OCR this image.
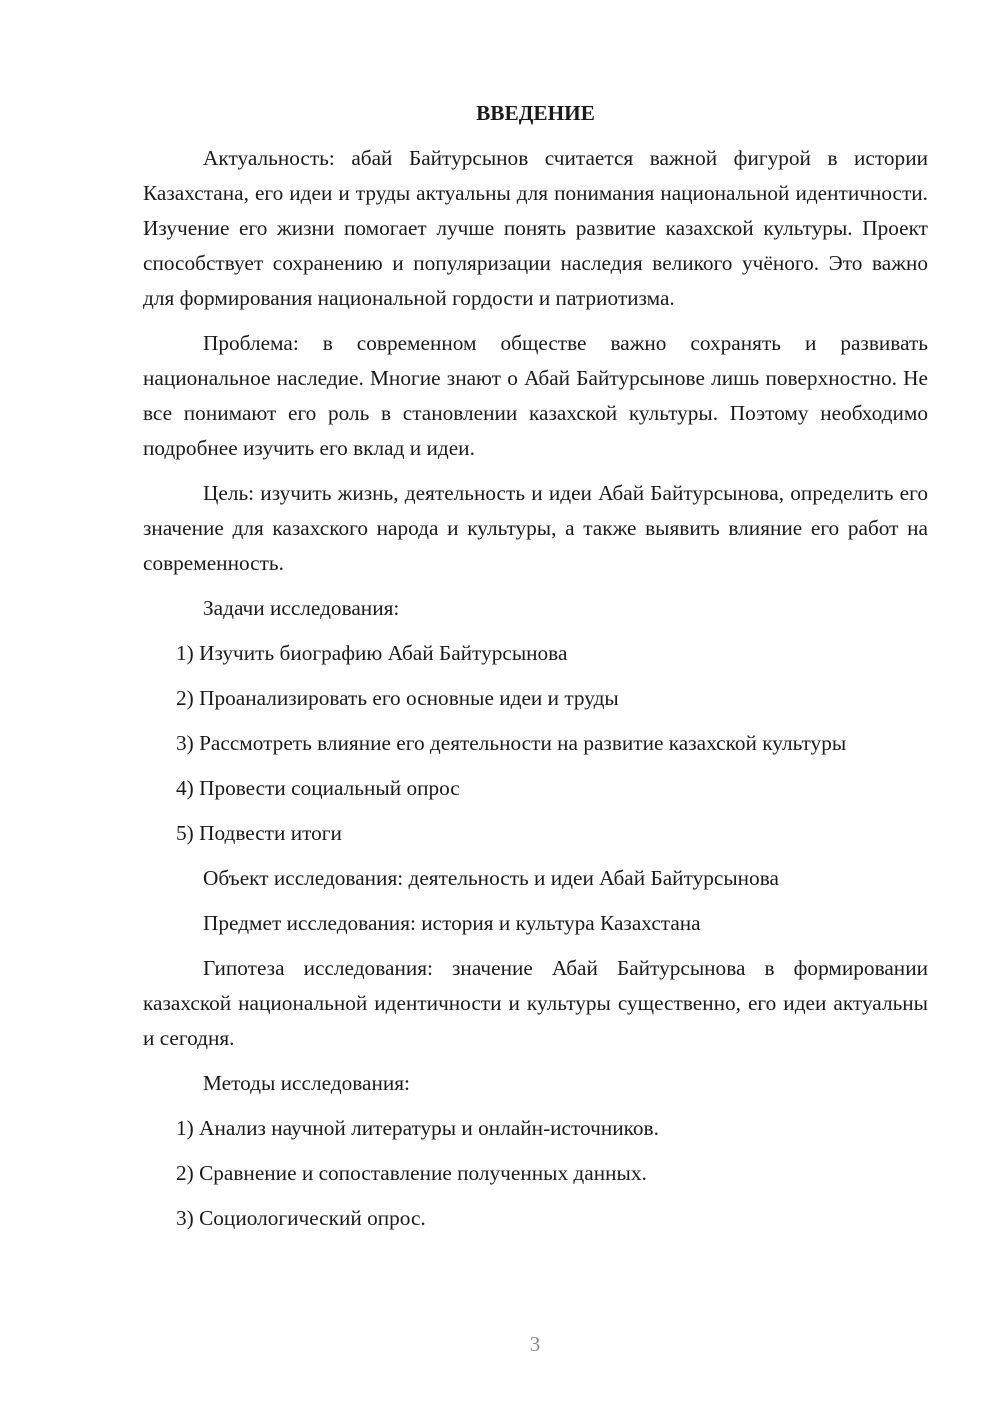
ВВЕДЕНИЕ

Актуальность: абай Байтурсынов считается важной фигурой в истории Казахстана, его идеи и труды актуальны для понимания национальной идентичности. Изучение его жизни помогает лучше понять развитие казахской культуры. Проект способствует сохранению и популяризации наследия великого учёного. Это важно для формирования национальной гордости и патриотизма.

Проблема: в современном обществе важно сохранять и развивать национальное наследие. Многие знают о Абай Байтурсынове лишь поверхностно. Не все понимают его роль в становлении казахской культуры. Поэтому необходимо подробнее изучить его вклад и идеи.

Цель: изучить жизнь, деятельность и идеи Абай Байтурсынова, определить его значение для казахского народа и культуры, а также выявить влияние его работ на современность.

Задачи исследования:

1) Изучить биографию Абай Байтурсынова

2) Проанализировать его основные идеи и труды

3) Рассмотреть влияние его деятельности на развитие казахской культуры

4) Провести социальный опрос

5) Подвести итоги

Объект исследования: деятельность и идеи Абай Байтурсынова

Предмет исследования: история и культура Казахстана

Гипотеза исследования: значение Абай Байтурсынова в формировании казахской национальной идентичности и культуры существенно, его идеи актуальны и сегодня.

Методы исследования:

1) Анализ научной литературы и онлайн-источников.

2) Сравнение и сопоставление полученных данных.

3) Социологический опрос.

3
